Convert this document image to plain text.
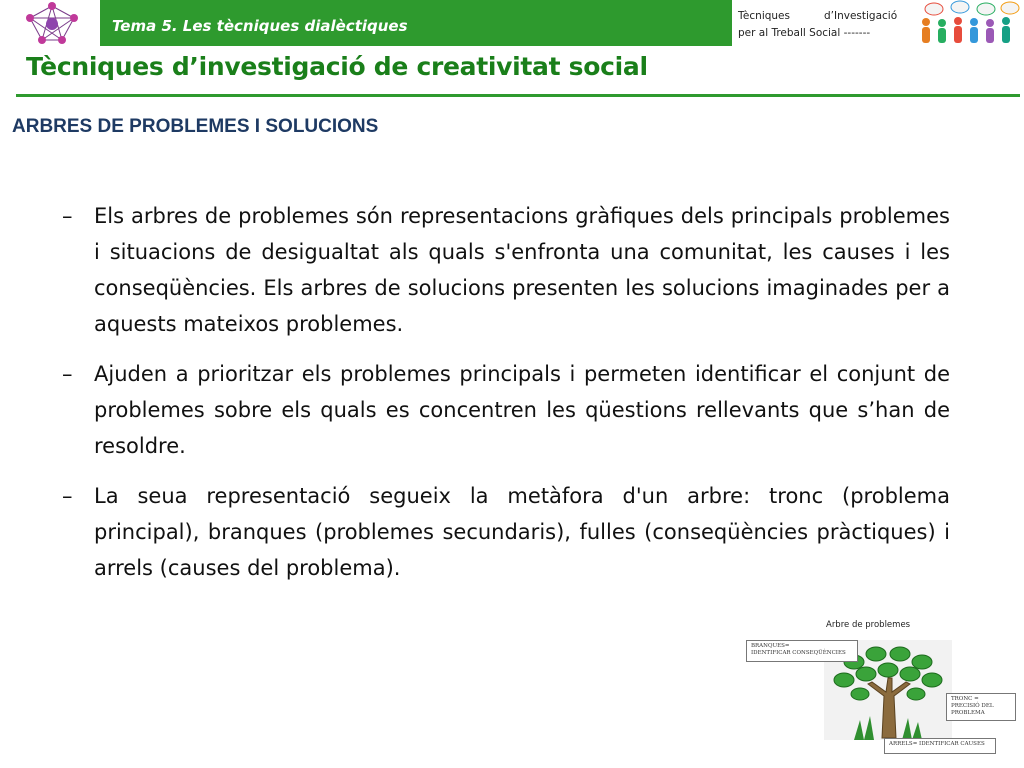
Tema 5. Les tècniques dialèctiques
Tècniques	d’Investigació
per al Treball Social -------
Tècniques d’investigació de creativitat social
ARBRES DE PROBLEMES I SOLUCIONS
– Els arbres de problemes són representacions gràfiques dels principals problemes i situacions de desigualtat als quals s'enfronta una comunitat, les causes i les conseqüències. Els arbres de solucions presenten les solucions imaginades per a aquests mateixos problemes.
– Ajuden a prioritzar els problemes principals i permeten identificar el conjunt de problemes sobre els quals es concentren les qüestions rellevants que s’han de resoldre.
– La seua representació segueix la metàfora d'un arbre: tronc (problema principal), branques (problemes secundaris), fulles (conseqüències pràctiques) i arrels (causes del problema).
Arbre de problemes
BRANQUES=
IDENTIFICAR CONSEQÜÈNCIES
TRONC =
PRECISIÓ DEL
PROBLEMA
ARRELS= IDENTIFICAR CAUSES
